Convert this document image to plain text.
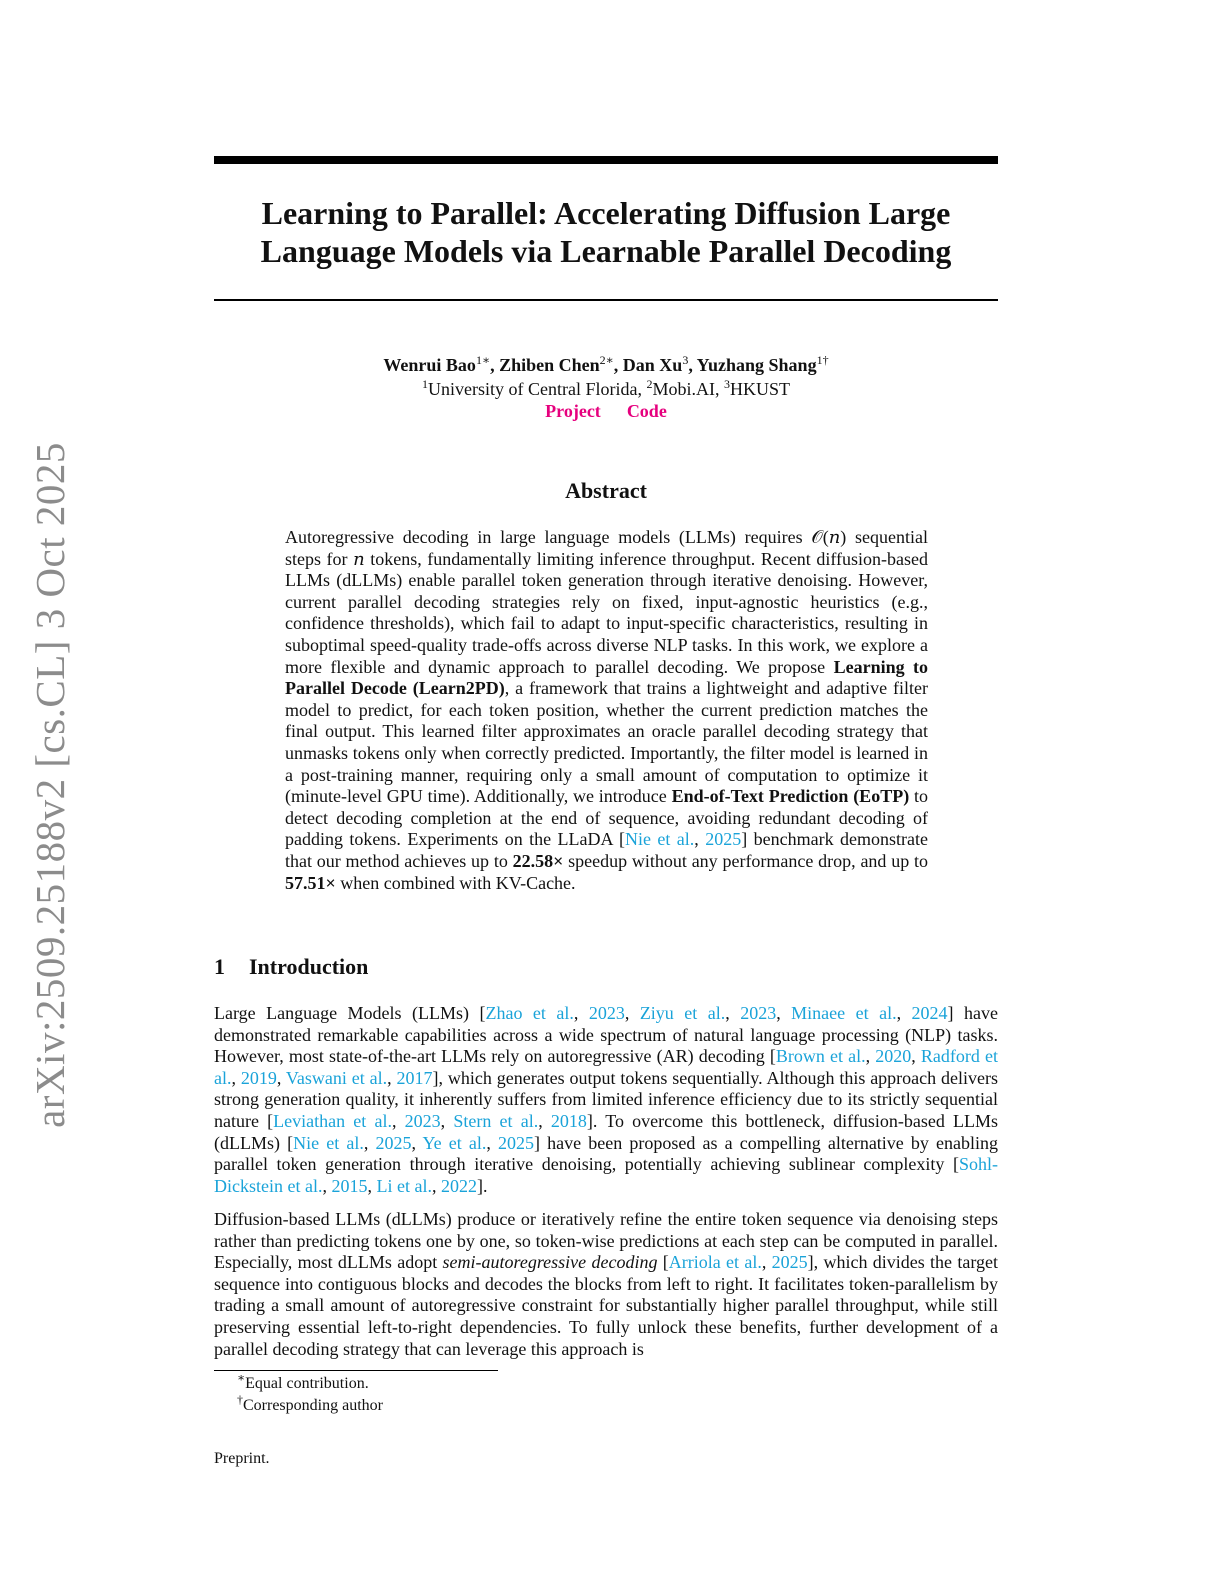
arXiv:2509.25188v2 [cs.CL] 3 Oct 2025
Learning to Parallel: Accelerating Diffusion Large
Language Models via Learnable Parallel Decoding
Wenrui Bao$^{1∗}$, Zhiben Chen$^{2∗}$, Dan Xu$^3$, Yuzhang Shang$^{1\dagger}$
$^1$University of Central Florida, $^2$Mobi.AI, $^3$HKUST
Project Code
Abstract

Autoregressive decoding in large language models (LLMs) requires 𝒪(𝑛) sequential steps for 𝑛 tokens, fundamentally limiting inference throughput. Recent diffusion-based LLMs (dLLMs) enable parallel token generation through iterative denoising. However, current parallel decoding strategies rely on fixed, input-agnostic heuristics (e.g., confidence thresholds), which fail to adapt to input-specific characteristics, resulting in suboptimal speed-quality trade-offs across diverse NLP tasks. In this work, we explore a more flexible and dynamic approach to parallel decoding. We propose Learning to Parallel Decode (Learn2PD), a framework that trains a lightweight and adaptive filter model to predict, for each token position, whether the current prediction matches the final output. This learned filter approximates an oracle parallel decoding strategy that unmasks tokens only when correctly predicted. Importantly, the filter model is learned in a post-training manner, requiring only a small amount of computation to optimize it (minute-level GPU time). Additionally, we introduce End-of-Text Prediction (EoTP) to detect decoding completion at the end of sequence, avoiding redundant decoding of padding tokens. Experiments on the LLaDA [Nie et al., 2025] benchmark demonstrate that our method achieves up to 22.58× speedup without any performance drop, and up to 57.51× when combined with KV-Cache.

1 Introduction

Large Language Models (LLMs) [Zhao et al., 2023, Ziyu et al., 2023, Minaee et al., 2024] have demonstrated remarkable capabilities across a wide spectrum of natural language processing (NLP) tasks. However, most state-of-the-art LLMs rely on autoregressive (AR) decoding [Brown et al., 2020, Radford et al., 2019, Vaswani et al., 2017], which generates output tokens sequentially. Although this approach delivers strong generation quality, it inherently suffers from limited inference efficiency due to its strictly sequential nature [Leviathan et al., 2023, Stern et al., 2018]. To overcome this bottleneck, diffusion-based LLMs (dLLMs) [Nie et al., 2025, Ye et al., 2025] have been proposed as a compelling alternative by enabling parallel token generation through iterative denoising, potentially achieving sublinear complexity [Sohl-Dickstein et al., 2015, Li et al., 2022].

Diffusion-based LLMs (dLLMs) produce or iteratively refine the entire token sequence via denoising steps rather than predicting tokens one by one, so token-wise predictions at each step can be computed in parallel. Especially, most dLLMs adopt semi-autoregressive decoding [Arriola et al., 2025], which divides the target sequence into contiguous blocks and decodes the blocks from left to right. It facilitates token-parallelism by trading a small amount of autoregressive constraint for substantially higher parallel throughput, while still preserving essential left-to-right dependencies. To fully unlock these benefits, further development of a parallel decoding strategy that can leverage this approach is

∗Equal contribution.
†Corresponding author
Preprint.
